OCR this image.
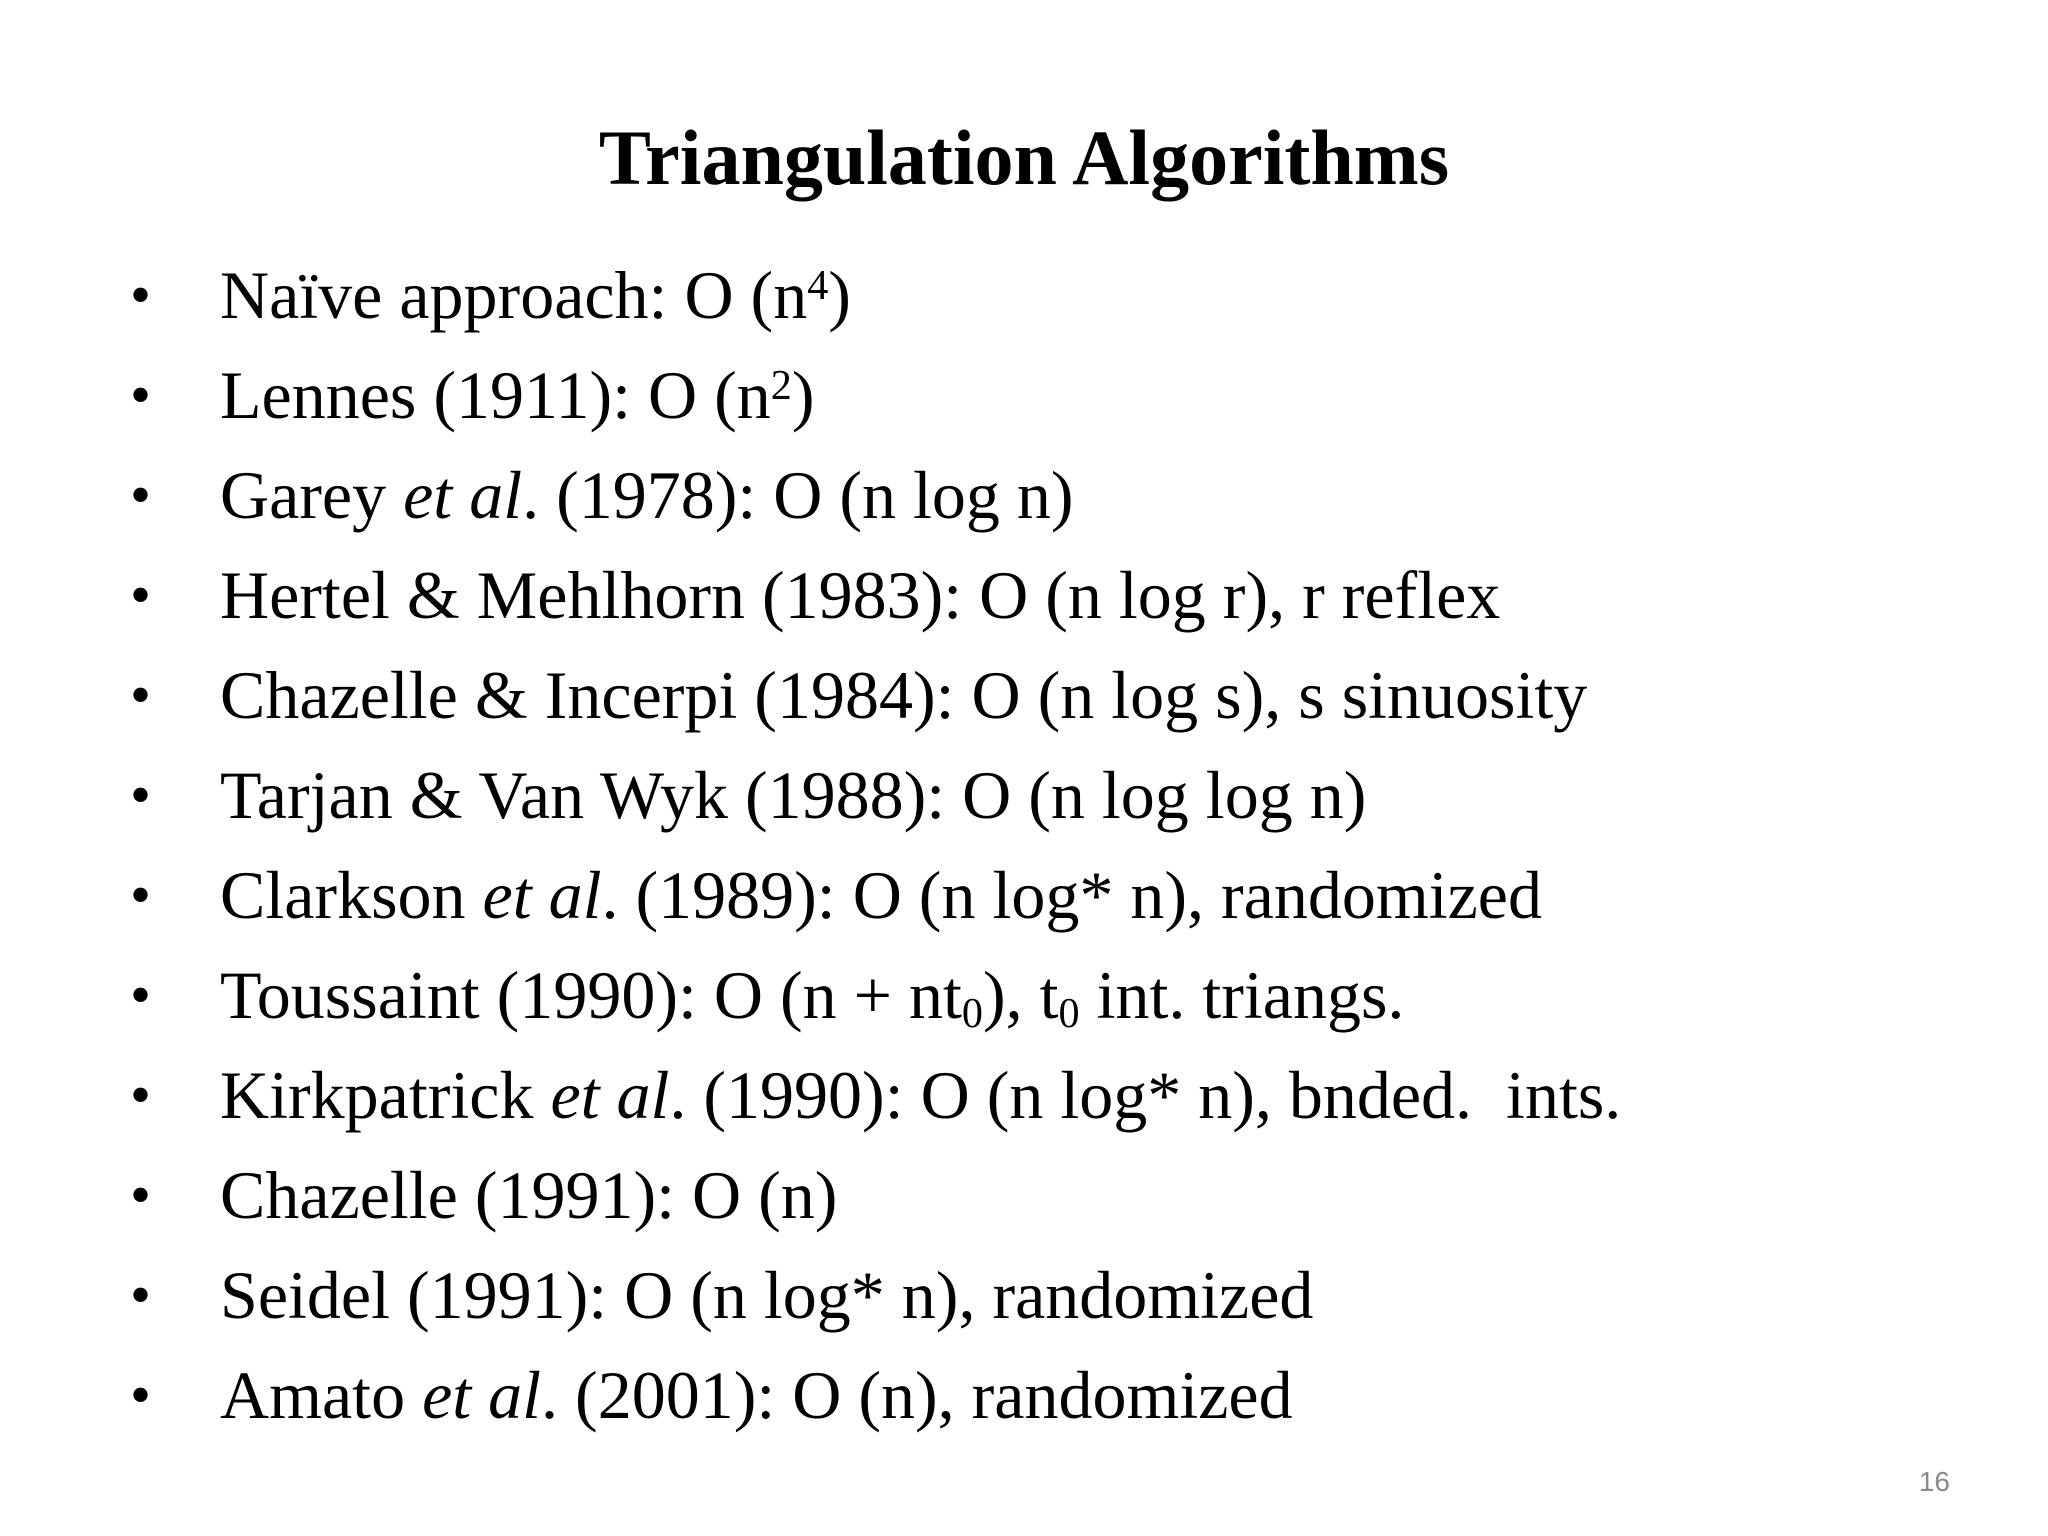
Triangulation Algorithms
• Naïve approach: O $(n^4)$
• Lennes (1911): O $(n^2)$
• Garey et al. (1978): O (n log n)
• Hertel & Mehlhorn (1983): O (n log r), r reflex
• Chazelle & Incerpi (1984): O (n log s), s sinuosity
• Tarjan & Van Wyk (1988): O (n log log n)
• Clarkson et al. (1989): O (n log* n), randomized
• Toussaint (1990): O $(n + nt_0)$, $t_0$ int. triangs.
• Kirkpatrick et al. (1990): O (n log* n), bnded.  ints.
• Chazelle (1991): O (n)
• Seidel (1991): O (n log* n), randomized
• Amato et al. (2001): O (n), randomized
16
